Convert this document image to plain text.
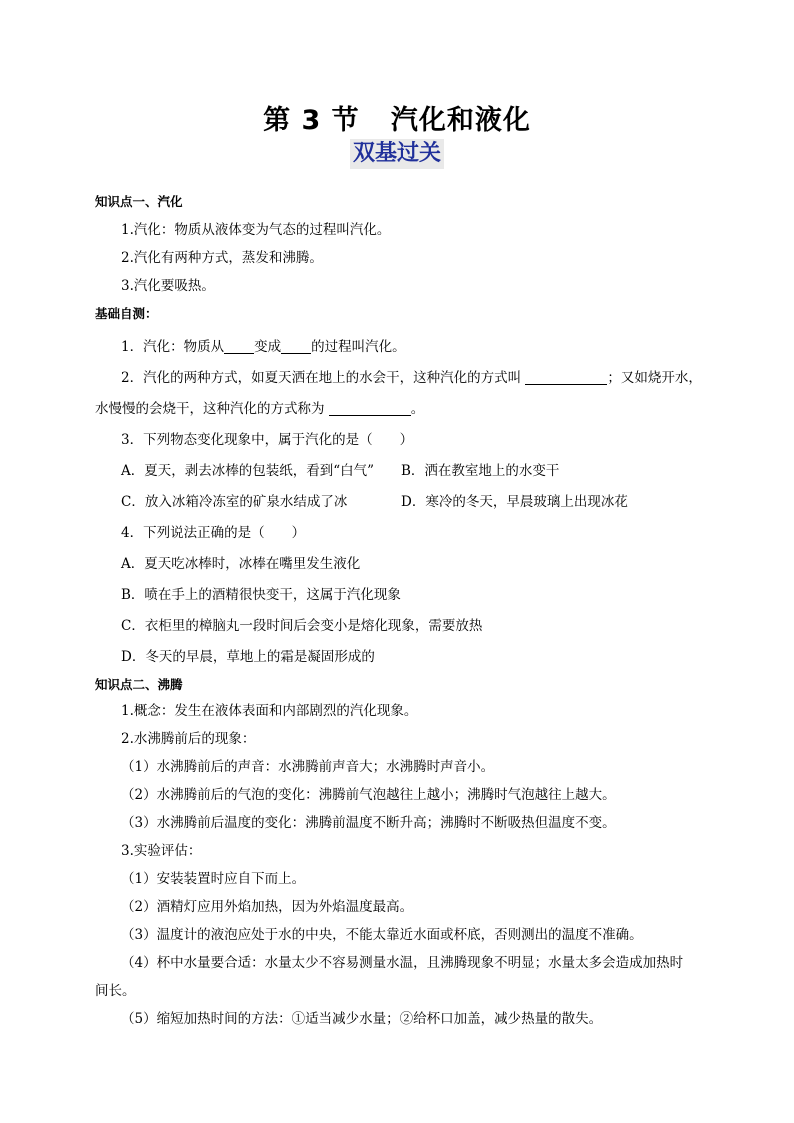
第 3 节   汽化和液化
双基过关
知识点一、汽化
1.汽化：物质从液体变为气态的过程叫汽化。
2.汽化有两种方式，蒸发和沸腾。
3.汽化要吸热。
基础自测：
1．汽化：物质从 变成 的过程叫汽化。
2．汽化的两种方式，如夏天洒在地上的水会干，这种汽化的方式叫	；又如烧开水，
水慢慢的会烧干，这种汽化的方式称为	。
3．下列物态变化现象中，属于汽化的是（　　）
A．夏天，剥去冰棒的包装纸，看到“白气”	B．洒在教室地上的水变干
C．放入冰箱冷冻室的矿泉水结成了冰	D．寒冷的冬天，早晨玻璃上出现冰花
4．下列说法正确的是（　　）
A．夏天吃冰棒时，冰棒在嘴里发生液化
B．喷在手上的酒精很快变干，这属于汽化现象
C．衣柜里的樟脑丸一段时间后会变小是熔化现象，需要放热
D．冬天的早晨，草地上的霜是凝固形成的
知识点二、沸腾
1.概念：发生在液体表面和内部剧烈的汽化现象。
2.水沸腾前后的现象：
（1）水沸腾前后的声音：水沸腾前声音大；水沸腾时声音小。
（2）水沸腾前后的气泡的变化：沸腾前气泡越往上越小；沸腾时气泡越往上越大。
（3）水沸腾前后温度的变化：沸腾前温度不断升高；沸腾时不断吸热但温度不变。
3.实验评估：
（1）安装装置时应自下而上。
（2）酒精灯应用外焰加热，因为外焰温度最高。
（3）温度计的液泡应处于水的中央，不能太靠近水面或杯底，否则测出的温度不准确。
（4）杯中水量要合适：水量太少不容易测量水温，且沸腾现象不明显；水量太多会造成加热时
间长。
（5）缩短加热时间的方法：①适当减少水量；②给杯口加盖，减少热量的散失。
